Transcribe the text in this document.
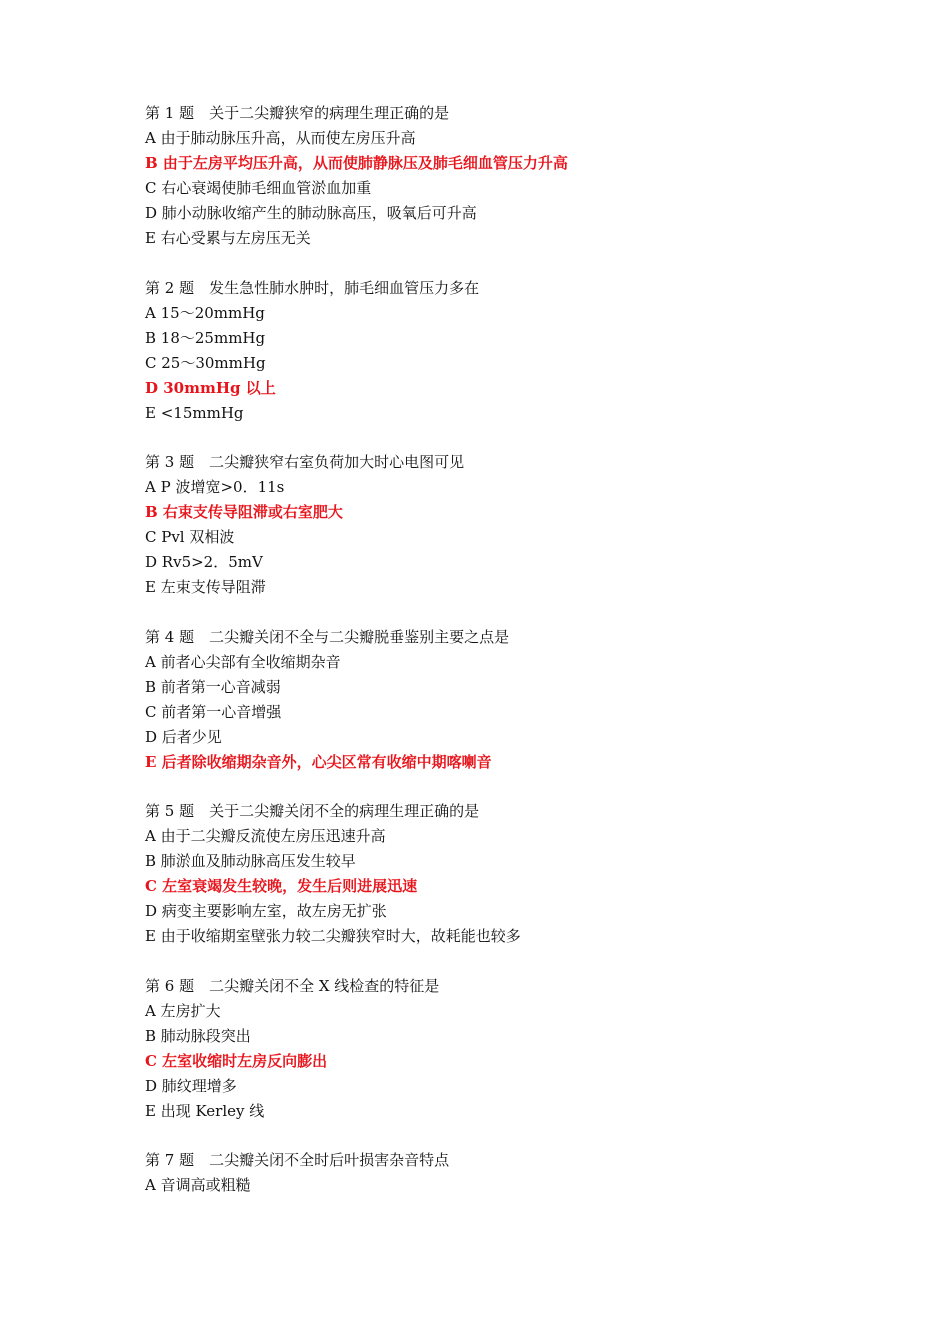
第 1 题　关于二尖瓣狭窄的病理生理正确的是
A 由于肺动脉压升高，从而使左房压升高
B 由于左房平均压升高，从而使肺静脉压及肺毛细血管压力升高
C 右心衰竭使肺毛细血管淤血加重
D 肺小动脉收缩产生的肺动脉高压，吸氧后可升高
E 右心受累与左房压无关
第 2 题　发生急性肺水肿时，肺毛细血管压力多在
A 15～20mmHg
B 18～25mmHg
C 25～30mmHg
D 30mmHg 以上
E <15mmHg
第 3 题　二尖瓣狭窄右室负荷加大时心电图可见
A P 波增宽>0．11s
B 右束支传导阻滞或右室肥大
C Pvl 双相波
D Rv5>2．5mV
E 左束支传导阻滞
第 4 题　二尖瓣关闭不全与二尖瓣脱垂鉴别主要之点是
A 前者心尖部有全收缩期杂音
B 前者第一心音减弱
C 前者第一心音增强
D 后者少见
E 后者除收缩期杂音外，心尖区常有收缩中期喀喇音
第 5 题　关于二尖瓣关闭不全的病理生理正确的是
A 由于二尖瓣反流使左房压迅速升高
B 肺淤血及肺动脉高压发生较早
C 左室衰竭发生较晚，发生后则进展迅速
D 病变主要影响左室，故左房无扩张
E 由于收缩期室壁张力较二尖瓣狭窄时大，故耗能也较多
第 6 题　二尖瓣关闭不全 X 线检查的特征是
A 左房扩大
B 肺动脉段突出
C 左室收缩时左房反向膨出
D 肺纹理增多
E 出现 Kerley 线
第 7 题　二尖瓣关闭不全时后叶损害杂音特点
A 音调高或粗糙
